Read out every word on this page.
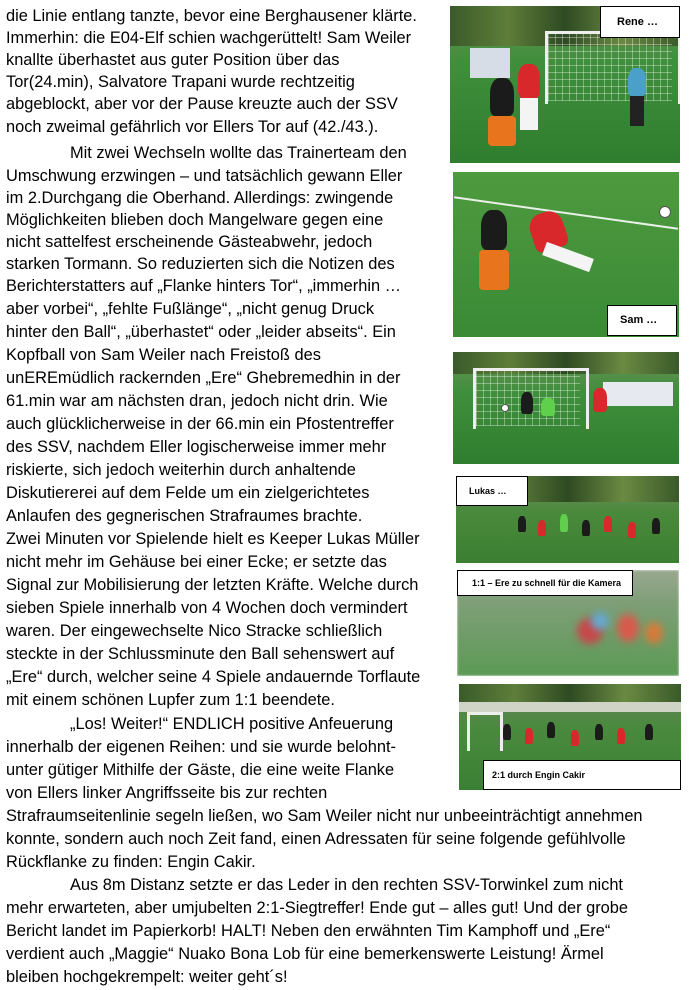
die Linie entlang tanzte, bevor eine Berghausener klärte.
Immerhin: die E04-Elf schien wachgerüttelt! Sam Weiler
knallte überhastet aus guter Position über das
Tor(24.min), Salvatore Trapani wurde rechtzeitig
abgeblockt, aber vor der Pause kreuzte auch der SSV
noch zweimal gefährlich vor Ellers Tor auf (42./43.).
Mit zwei Wechseln wollte das Trainerteam den
Umschwung erzwingen – und tatsächlich gewann Eller
im 2.Durchgang die Oberhand. Allerdings: zwingende
Möglichkeiten blieben doch Mangelware gegen eine
nicht sattelfest erscheinende Gästeabwehr, jedoch
starken Tormann. So reduzierten sich die Notizen des
Berichterstatters auf „Flanke hinters Tor“, „immerhin …
aber vorbei“, „fehlte Fußlänge“, „nicht genug Druck
hinter den Ball“, „überhastet“ oder „leider abseits“. Ein
Kopfball von Sam Weiler nach Freistoß des
unEREmüdlich rackernden „Ere“ Ghebremedhin in der
61.min war am nächsten dran, jedoch nicht drin. Wie
auch glücklicherweise in der 66.min ein Pfostentreffer
des SSV, nachdem Eller logischerweise immer mehr
riskierte, sich jedoch weiterhin durch anhaltende
Diskutiererei auf dem Felde um ein zielgerichtetes
Anlaufen des gegnerischen Strafraumes brachte.
Zwei Minuten vor Spielende hielt es Keeper Lukas Müller
nicht mehr im Gehäuse bei einer Ecke; er setzte das
Signal zur Mobilisierung der letzten Kräfte. Welche durch
sieben Spiele innerhalb von 4 Wochen doch vermindert
waren. Der eingewechselte Nico Stracke schließlich
steckte in der Schlussminute den Ball sehenswert auf
„Ere“ durch, welcher seine 4 Spiele andauernde Torflaute
mit einem schönen Lupfer zum 1:1 beendete.
„Los! Weiter!“ ENDLICH positive Anfeuerung
innerhalb der eigenen Reihen: und sie wurde belohnt-
unter gütiger Mithilfe der Gäste, die eine weite Flanke
von Ellers linker Angriffsseite bis zur rechten
Strafraumseitenlinie segeln ließen, wo Sam Weiler nicht nur unbeeinträchtigt annehmen
konnte, sondern auch noch Zeit fand, einen Adressaten für seine folgende gefühlvolle
Rückflanke zu finden: Engin Cakir.
Aus 8m Distanz setzte er das Leder in den rechten SSV-Torwinkel zum nicht
mehr erwarteten, aber umjubelten 2:1-Siegtreffer! Ende gut – alles gut! Und der grobe
Bericht landet im Papierkorb! HALT! Neben den erwähnten Tim Kamphoff und „Ere“
verdient auch „Maggie“ Nuako Bona Lob für eine bemerkenswerte Leistung! Ärmel
bleiben hochgekrempelt: weiter geht´s!
Rene …
Sam …
Lukas …
1:1 – Ere zu schnell für die Kamera
2:1 durch Engin Cakir
